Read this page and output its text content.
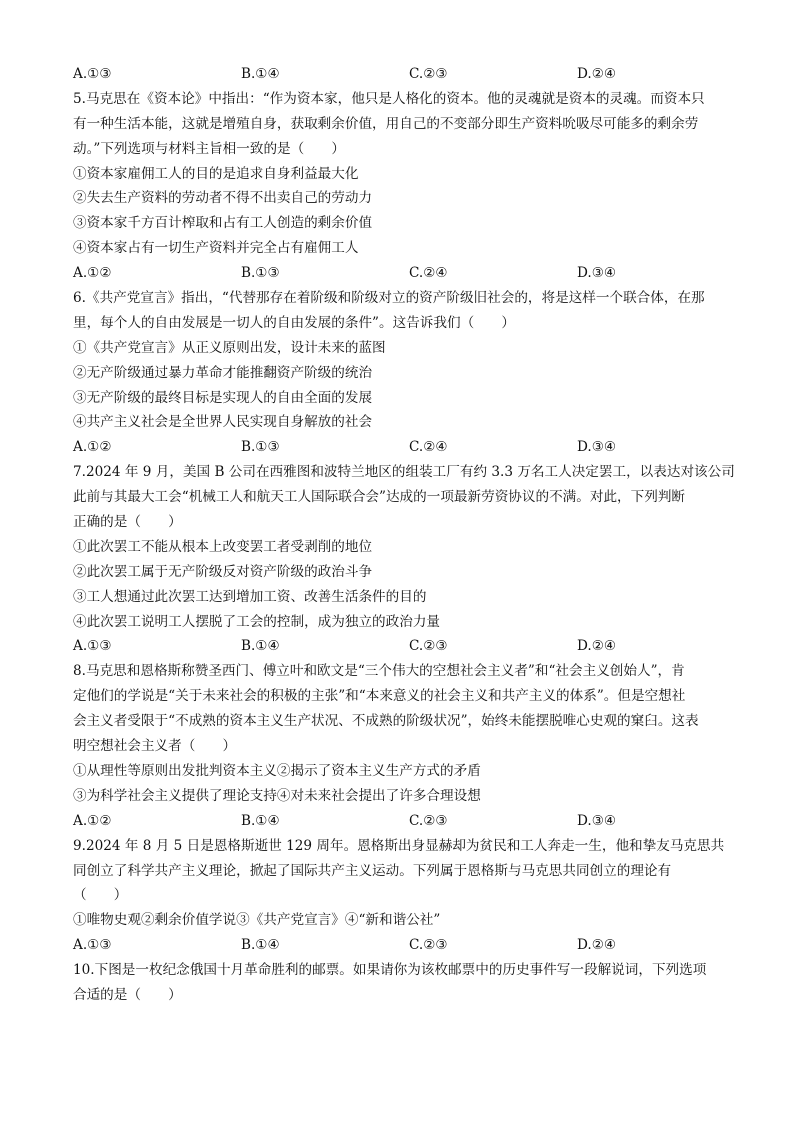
A.①③	B.①④	C.②③	D.②④
5.马克思在《资本论》中指出：“作为资本家，他只是人格化的资本。他的灵魂就是资本的灵魂。而资本只
有一种生活本能，这就是增殖自身，获取剩余价值，用自己的不变部分即生产资料吮吸尽可能多的剩余劳
动。”下列选项与材料主旨相一致的是（　　）
①资本家雇佣工人的目的是追求自身利益最大化
②失去生产资料的劳动者不得不出卖自己的劳动力
③资本家千方百计榨取和占有工人创造的剩余价值
④资本家占有一切生产资料并完全占有雇佣工人
A.①②	B.①③	C.②④	D.③④
6.《共产党宣言》指出，“代替那存在着阶级和阶级对立的资产阶级旧社会的，将是这样一个联合体，在那
里，每个人的自由发展是一切人的自由发展的条件”。这告诉我们（　　）
①《共产党宣言》从正义原则出发，设计未来的蓝图
②无产阶级通过暴力革命才能推翻资产阶级的统治
③无产阶级的最终目标是实现人的自由全面的发展
④共产主义社会是全世界人民实现自身解放的社会
A.①②	B.①③	C.②④	D.③④
7.2024 年 9 月，美国 B 公司在西雅图和波特兰地区的组装工厂有约 3.3 万名工人决定罢工，以表达对该公司
此前与其最大工会“机械工人和航天工人国际联合会”达成的一项最新劳资协议的不满。对此，下列判断
正确的是（　　）
①此次罢工不能从根本上改变罢工者受剥削的地位
②此次罢工属于无产阶级反对资产阶级的政治斗争
③工人想通过此次罢工达到增加工资、改善生活条件的目的
④此次罢工说明工人摆脱了工会的控制，成为独立的政治力量
A.①③	B.①④	C.②③	D.②④
8.马克思和恩格斯称赞圣西门、傅立叶和欧文是“三个伟大的空想社会主义者”和“社会主义创始人”，肯
定他们的学说是“关于未来社会的积极的主张”和“本来意义的社会主义和共产主义的体系”。但是空想社
会主义者受限于“不成熟的资本主义生产状况、不成熟的阶级状况”，始终未能摆脱唯心史观的窠臼。这表
明空想社会主义者（　　）
①从理性等原则出发批判资本主义②揭示了资本主义生产方式的矛盾
③为科学社会主义提供了理论支持④对未来社会提出了许多合理设想
A.①②	B.①④	C.②③	D.③④
9.2024 年 8 月 5 日是恩格斯逝世 129 周年。恩格斯出身显赫却为贫民和工人奔走一生，他和挚友马克思共
同创立了科学共产主义理论，掀起了国际共产主义运动。下列属于恩格斯与马克思共同创立的理论有
（　　）
①唯物史观②剩余价值学说③《共产党宣言》④“新和谐公社”
A.①③	B.①④	C.②③	D.②④
10.下图是一枚纪念俄国十月革命胜利的邮票。如果请你为该枚邮票中的历史事件写一段解说词，下列选项
合适的是（　　）
